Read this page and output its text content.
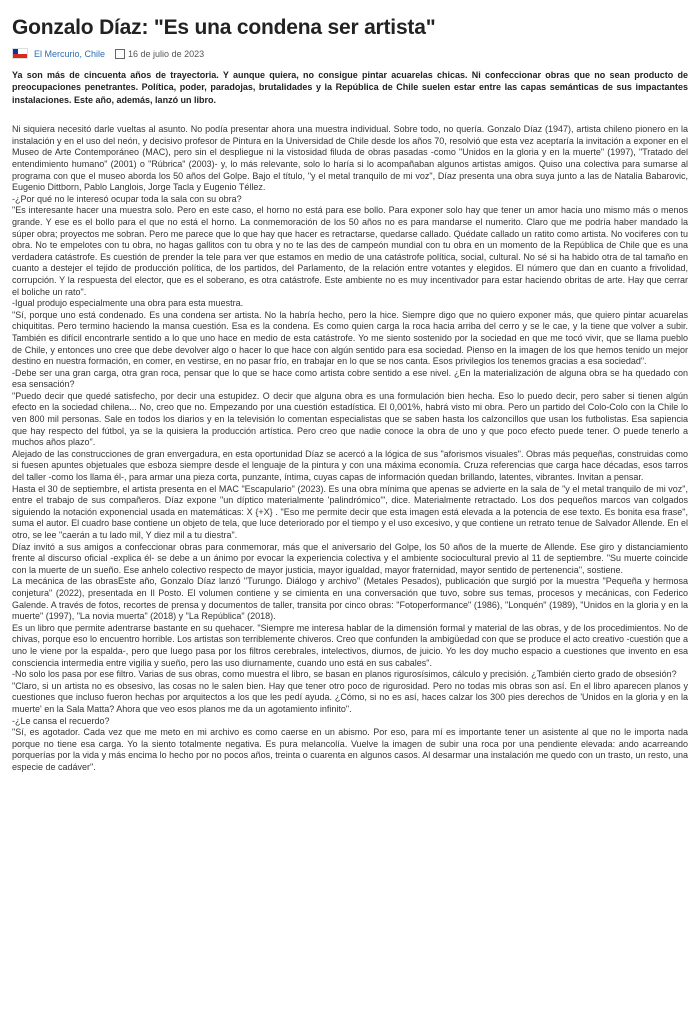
Gonzalo Díaz: "Es una condena ser artista"
El Mercurio, Chile	16 de julio de 2023

Ya son más de cincuenta años de trayectoria. Y aunque quiera, no consigue pintar acuarelas chicas. Ni confeccionar obras que no sean producto de preocupaciones penetrantes. Política, poder, paradojas, brutalidades y la República de Chile suelen estar entre las capas semánticas de sus impactantes instalaciones. Este año, además, lanzó un libro.

Ni siquiera necesitó darle vueltas al asunto. No podía presentar ahora una muestra individual. Sobre todo, no quería. Gonzalo Díaz (1947), artista chileno pionero en la instalación y en el uso del neón, y decisivo profesor de Pintura en la Universidad de Chile desde los años 70, resolvió que esta vez aceptaría la invitación a exponer en el Museo de Arte Contemporáneo (MAC), pero sin el despliegue ni la vistosidad filuda de obras pasadas -como "Unidos en la gloria y en la muerte" (1997), "Tratado del entendimiento humano" (2001) o "Rúbrica" (2003)- y, lo más relevante, solo lo haría si lo acompañaban algunos artistas amigos. Quiso una colectiva para sumarse al programa con que el museo aborda los 50 años del Golpe. Bajo el título, "y el metal tranquilo de mi voz", Díaz presenta una obra suya junto a las de Natalia Babarovic, Eugenio Dittborn, Pablo Langlois, Jorge Tacla y Eugenio Téllez.

-¿Por qué no le interesó ocupar toda la sala con su obra?

"Es interesante hacer una muestra solo. Pero en este caso, el horno no está para ese bollo. Para exponer solo hay que tener un amor hacia uno mismo más o menos grande. Y ese es el bollo para el que no está el horno. La conmemoración de los 50 años no es para mandarse el numerito. Claro que me podría haber mandado la súper obra; proyectos me sobran. Pero me parece que lo que hay que hacer es retractarse, quedarse callado. Quédate callado un ratito como artista. No vociferes con tu obra. No te empelotes con tu obra, no hagas gallitos con tu obra y no te las des de campeón mundial con tu obra en un momento de la República de Chile que es una verdadera catástrofe. Es cuestión de prender la tele para ver que estamos en medio de una catástrofe política, social, cultural. No sé si ha habido otra de tal tamaño en cuanto a destejer el tejido de producción política, de los partidos, del Parlamento, de la relación entre votantes y elegidos. El número que dan en cuanto a frivolidad, corrupción. Y la respuesta del elector, que es el soberano, es otra catástrofe. Este ambiente no es muy incentivador para estar haciendo obritas de arte. Hay que cerrar el boliche un rato".

-Igual produjo especialmente una obra para esta muestra.

"Sí, porque uno está condenado. Es una condena ser artista. No la habría hecho, pero la hice. Siempre digo que no quiero exponer más, que quiero pintar acuarelas chiquititas. Pero termino haciendo la mansa cuestión. Esa es la condena. Es como quien carga la roca hacia arriba del cerro y se le cae, y la tiene que volver a subir. También es difícil encontrarle sentido a lo que uno hace en medio de esta catástrofe. Yo me siento sostenido por la sociedad en que me tocó vivir, que se llama pueblo de Chile, y entonces uno cree que debe devolver algo o hacer lo que hace con algún sentido para esa sociedad. Pienso en la imagen de los que hemos tenido un mejor destino en nuestra formación, en comer, en vestirse, en no pasar frío, en trabajar en lo que se nos canta. Esos privilegios los tenemos gracias a esa sociedad".

-Debe ser una gran carga, otra gran roca, pensar que lo que se hace como artista cobre sentido a ese nivel. ¿En la materialización de alguna obra se ha quedado con esa sensación?

"Puedo decir que quedé satisfecho, por decir una estupidez. O decir que alguna obra es una formulación bien hecha. Eso lo puedo decir, pero saber si tienen algún efecto en la sociedad chilena... No, creo que no. Empezando por una cuestión estadística. El 0,001%, habrá visto mi obra. Pero un partido del Colo-Colo con la Chile lo ven 800 mil personas. Sale en todos los diarios y en la televisión lo comentan especialistas que se saben hasta los calzoncillos que usan los futbolistas. Esa sapiencia que hay respecto del fútbol, ya se la quisiera la producción artística. Pero creo que nadie conoce la obra de uno y que poco efecto puede tener. O puede tenerlo a muchos años plazo".

Alejado de las construcciones de gran envergadura, en esta oportunidad Díaz se acercó a la lógica de sus "aforismos visuales". Obras más pequeñas, construidas como si fuesen apuntes objetuales que esboza siempre desde el lenguaje de la pintura y con una máxima economía. Cruza referencias que carga hace décadas, esos tarros del taller -como los llama él-, para armar una pieza corta, punzante, íntima, cuyas capas de información quedan brillando, latentes, vibrantes. Invitan a pensar.

Hasta el 30 de septiembre, el artista presenta en el MAC "Escapulario" (2023). Es una obra mínima que apenas se advierte en la sala de "y el metal tranquilo de mi voz", entre el trabajo de sus compañeros. Díaz expone "un díptico materialmente 'palindrómico'", dice. Materialmente retractado. Los dos pequeños marcos van colgados siguiendo la notación exponencial usada en matemáticas: X {+X} . "Eso me permite decir que esta imagen está elevada a la potencia de ese texto. Es bonita esa frase", suma el autor. El cuadro base contiene un objeto de tela, que luce deteriorado por el tiempo y el uso excesivo, y que contiene un retrato tenue de Salvador Allende. En el otro, se lee "caerán a tu lado mil, Y diez mil a tu diestra".

Díaz invitó a sus amigos a confeccionar obras para conmemorar, más que el aniversario del Golpe, los 50 años de la muerte de Allende. Ese giro y distanciamiento frente al discurso oficial -explica él- se debe a un ánimo por evocar la experiencia colectiva y el ambiente sociocultural previo al 11 de septiembre. "Su muerte coincide con la muerte de un sueño. Ese anhelo colectivo respecto de mayor justicia, mayor igualdad, mayor fraternidad, mayor sentido de pertenencia", sostiene.

La mecánica de las obrasEste año, Gonzalo Díaz lanzó "Turungo. Diálogo y archivo" (Metales Pesados), publicación que surgió por la muestra "Pequeña y hermosa conjetura" (2022), presentada en Il Posto. El volumen contiene y se cimienta en una conversación que tuvo, sobre sus temas, procesos y mecánicas, con Federico Galende. A través de fotos, recortes de prensa y documentos de taller, transita por cinco obras: "Fotoperformance" (1986), "Lonquén" (1989), "Unidos en la gloria y en la muerte" (1997), "La novia muerta" (2018) y "La República" (2018).

Es un libro que permite adentrarse bastante en su quehacer. "Siempre me interesa hablar de la dimensión formal y material de las obras, y de los procedimientos. No de chivas, porque eso lo encuentro horrible. Los artistas son terriblemente chiveros. Creo que confunden la ambigüedad con que se produce el acto creativo -cuestión que a uno le viene por la espalda-, pero que luego pasa por los filtros cerebrales, intelectivos, diurnos, de juicio. Yo les doy mucho espacio a cuestiones que invento en esa consciencia intermedia entre vigilia y sueño, pero las uso diurnamente, cuando uno está en sus cabales".

-No solo los pasa por ese filtro. Varias de sus obras, como muestra el libro, se basan en planos rigurosísimos, cálculo y precisión. ¿También cierto grado de obsesión?

"Claro, si un artista no es obsesivo, las cosas no le salen bien. Hay que tener otro poco de rigurosidad. Pero no todas mis obras son así. En el libro aparecen planos y cuestiones que incluso fueron hechas por arquitectos a los que les pedí ayuda. ¿Cómo, si no es así, haces calzar los 300 pies derechos de 'Unidos en la gloria y en la muerte' en la Sala Matta? Ahora que veo esos planos me da un agotamiento infinito".

-¿Le cansa el recuerdo?

"Sí, es agotador. Cada vez que me meto en mi archivo es como caerse en un abismo. Por eso, para mí es importante tener un asistente al que no le importa nada porque no tiene esa carga. Yo la siento totalmente negativa. Es pura melancolía. Vuelve la imagen de subir una roca por una pendiente elevada: ando acarreando porquerías por la vida y más encima lo hecho por no pocos años, treinta o cuarenta en algunos casos. Al desarmar una instalación me quedo con un trasto, un resto, una especie de cadáver".
